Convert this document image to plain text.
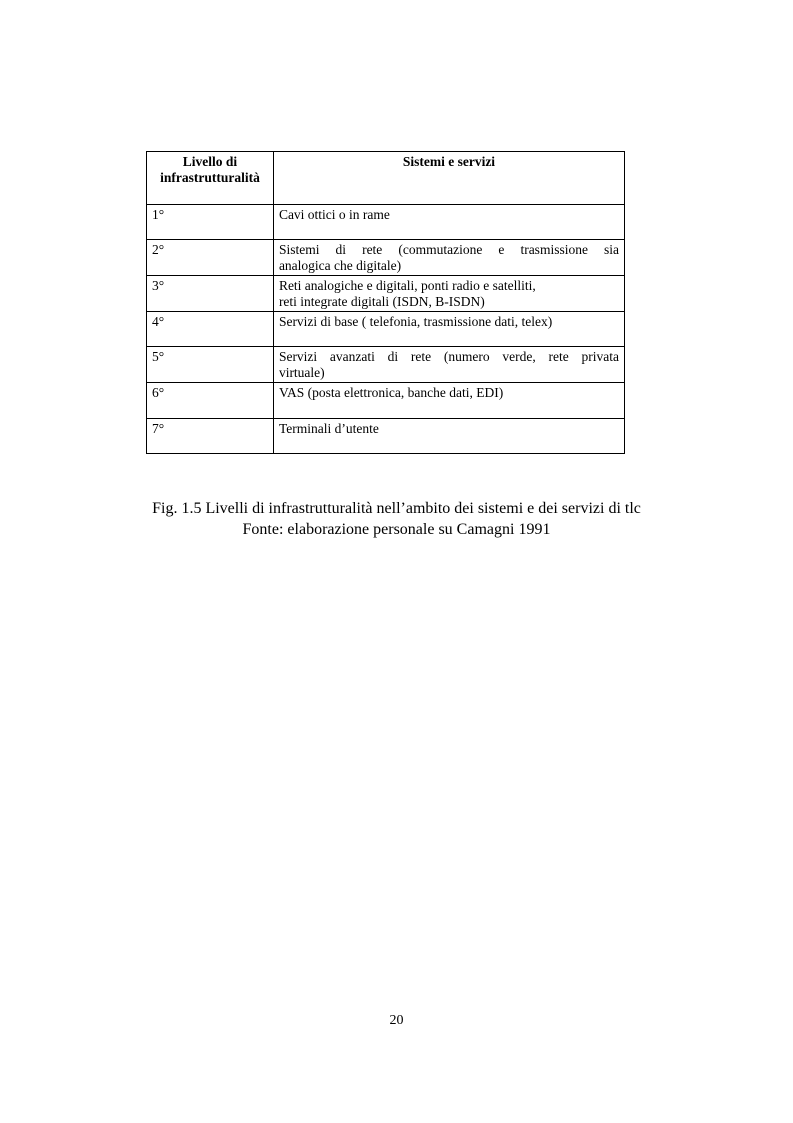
Livello di
infrastrutturalità	Sistemi e servizi
1°	Cavi ottici o in rame

2°	Sistemi di rete (commutazione e trasmissione sia
analogica che digitale)

3°	Reti analogiche e digitali, ponti radio e satelliti,
reti integrate digitali (ISDN, B-ISDN)

4°	Servizi di base ( telefonia, trasmissione dati, telex)

5°	Servizi avanzati di rete (numero verde, rete privata
virtuale)

6°	VAS (posta elettronica, banche dati, EDI)

7°	Terminali d’utente
Fig. 1.5 Livelli di infrastrutturalità nell’ambito dei sistemi e dei servizi di tlc
Fonte: elaborazione personale su Camagni 1991
20
